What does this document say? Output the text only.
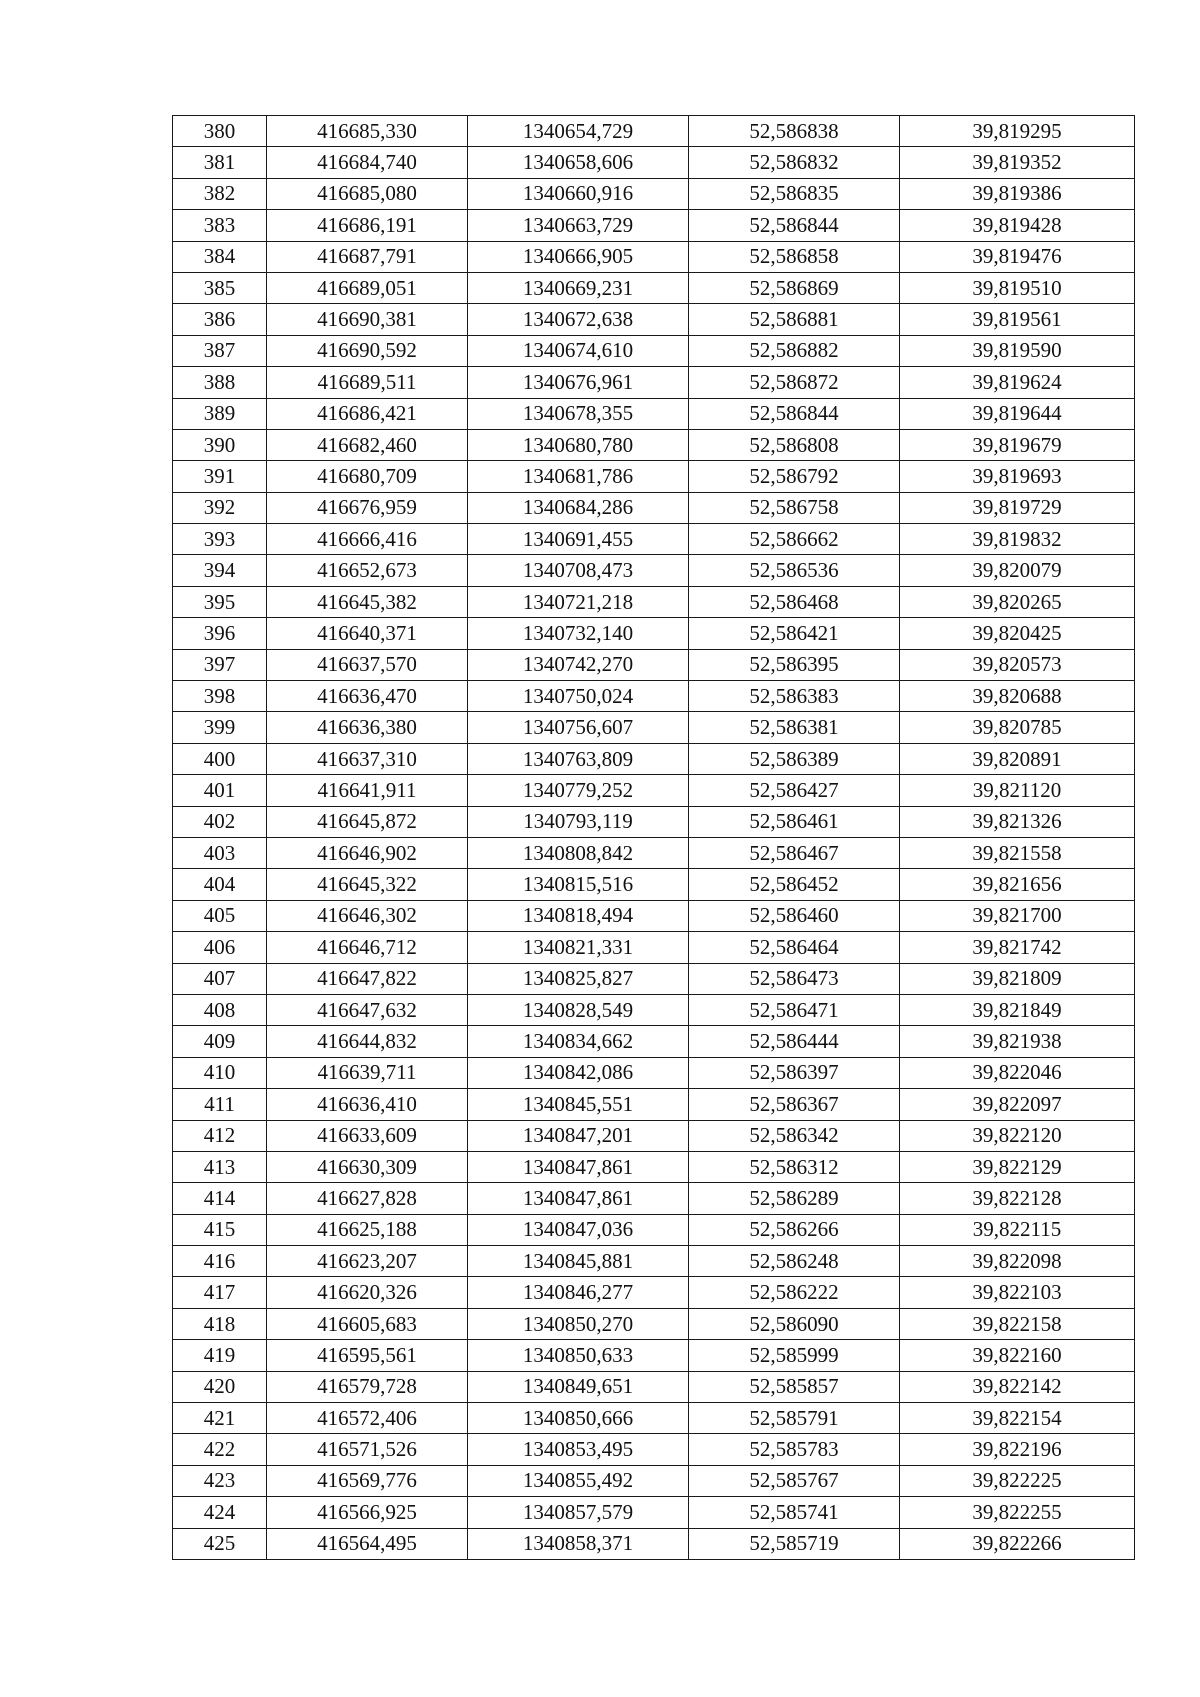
380	416685,330	1340654,729	52,586838	39,819295
381	416684,740	1340658,606	52,586832	39,819352
382	416685,080	1340660,916	52,586835	39,819386
383	416686,191	1340663,729	52,586844	39,819428
384	416687,791	1340666,905	52,586858	39,819476
385	416689,051	1340669,231	52,586869	39,819510
386	416690,381	1340672,638	52,586881	39,819561
387	416690,592	1340674,610	52,586882	39,819590
388	416689,511	1340676,961	52,586872	39,819624
389	416686,421	1340678,355	52,586844	39,819644
390	416682,460	1340680,780	52,586808	39,819679
391	416680,709	1340681,786	52,586792	39,819693
392	416676,959	1340684,286	52,586758	39,819729
393	416666,416	1340691,455	52,586662	39,819832
394	416652,673	1340708,473	52,586536	39,820079
395	416645,382	1340721,218	52,586468	39,820265
396	416640,371	1340732,140	52,586421	39,820425
397	416637,570	1340742,270	52,586395	39,820573
398	416636,470	1340750,024	52,586383	39,820688
399	416636,380	1340756,607	52,586381	39,820785
400	416637,310	1340763,809	52,586389	39,820891
401	416641,911	1340779,252	52,586427	39,821120
402	416645,872	1340793,119	52,586461	39,821326
403	416646,902	1340808,842	52,586467	39,821558
404	416645,322	1340815,516	52,586452	39,821656
405	416646,302	1340818,494	52,586460	39,821700
406	416646,712	1340821,331	52,586464	39,821742
407	416647,822	1340825,827	52,586473	39,821809
408	416647,632	1340828,549	52,586471	39,821849
409	416644,832	1340834,662	52,586444	39,821938
410	416639,711	1340842,086	52,586397	39,822046
411	416636,410	1340845,551	52,586367	39,822097
412	416633,609	1340847,201	52,586342	39,822120
413	416630,309	1340847,861	52,586312	39,822129
414	416627,828	1340847,861	52,586289	39,822128
415	416625,188	1340847,036	52,586266	39,822115
416	416623,207	1340845,881	52,586248	39,822098
417	416620,326	1340846,277	52,586222	39,822103
418	416605,683	1340850,270	52,586090	39,822158
419	416595,561	1340850,633	52,585999	39,822160
420	416579,728	1340849,651	52,585857	39,822142
421	416572,406	1340850,666	52,585791	39,822154
422	416571,526	1340853,495	52,585783	39,822196
423	416569,776	1340855,492	52,585767	39,822225
424	416566,925	1340857,579	52,585741	39,822255
425	416564,495	1340858,371	52,585719	39,822266
